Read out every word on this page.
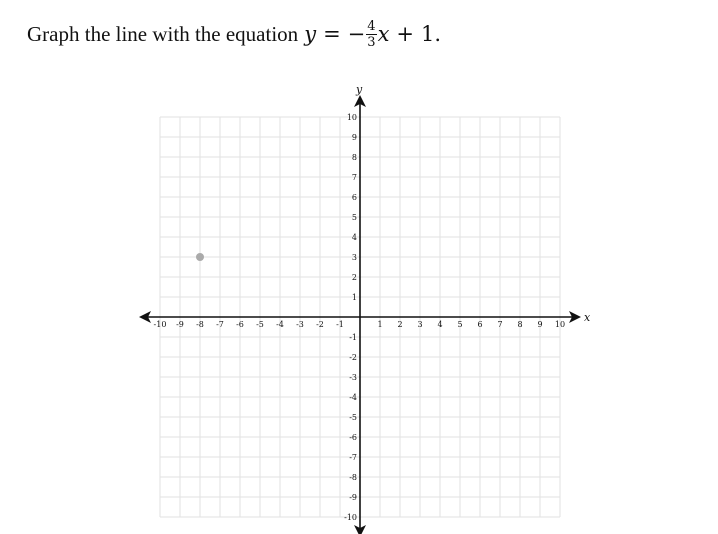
Graph the line with the equation y = − $\frac{4}{3}$ x + 1.
x
y
-10 -9 -8 -7 -6 -5 -4 -3 -2 -1	1 2 3 4 5 6 7 8 9 10
10
9
8
7
6
5
4
3
2
1
-1
-2
-3
-4
-5
-6
-7
-8
-9
-10
